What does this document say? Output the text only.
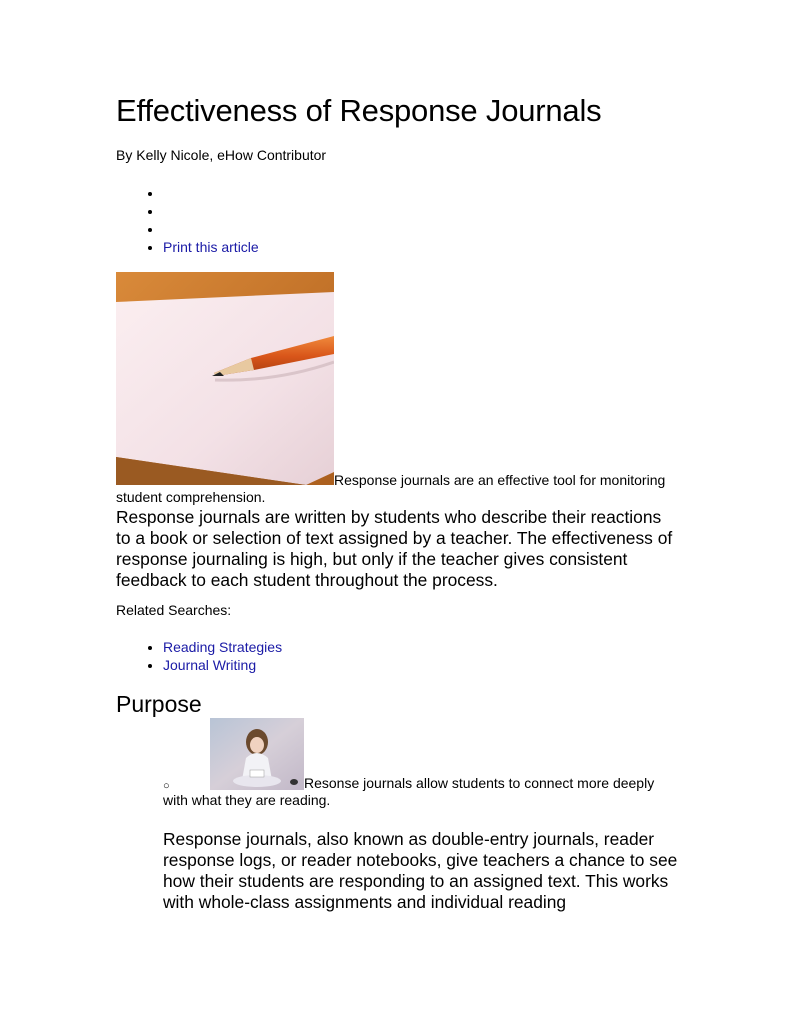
Effectiveness of Response Journals
By Kelly Nicole, eHow Contributor
•
•
•
• Print this article
Response journals are an effective tool for monitoring student comprehension.
Response journals are written by students who describe their reactions to a book or selection of text assigned by a teacher. The effectiveness of response journaling is high, but only if the teacher gives consistent feedback to each student throughout the process.
Related Searches:
• Reading Strategies
• Journal Writing
Purpose
○	Resonse journals allow students to connect more deeply with what they are reading.
Response journals, also known as double-entry journals, reader response logs, or reader notebooks, give teachers a chance to see how their students are responding to an assigned text. This works with whole-class assignments and individual reading
